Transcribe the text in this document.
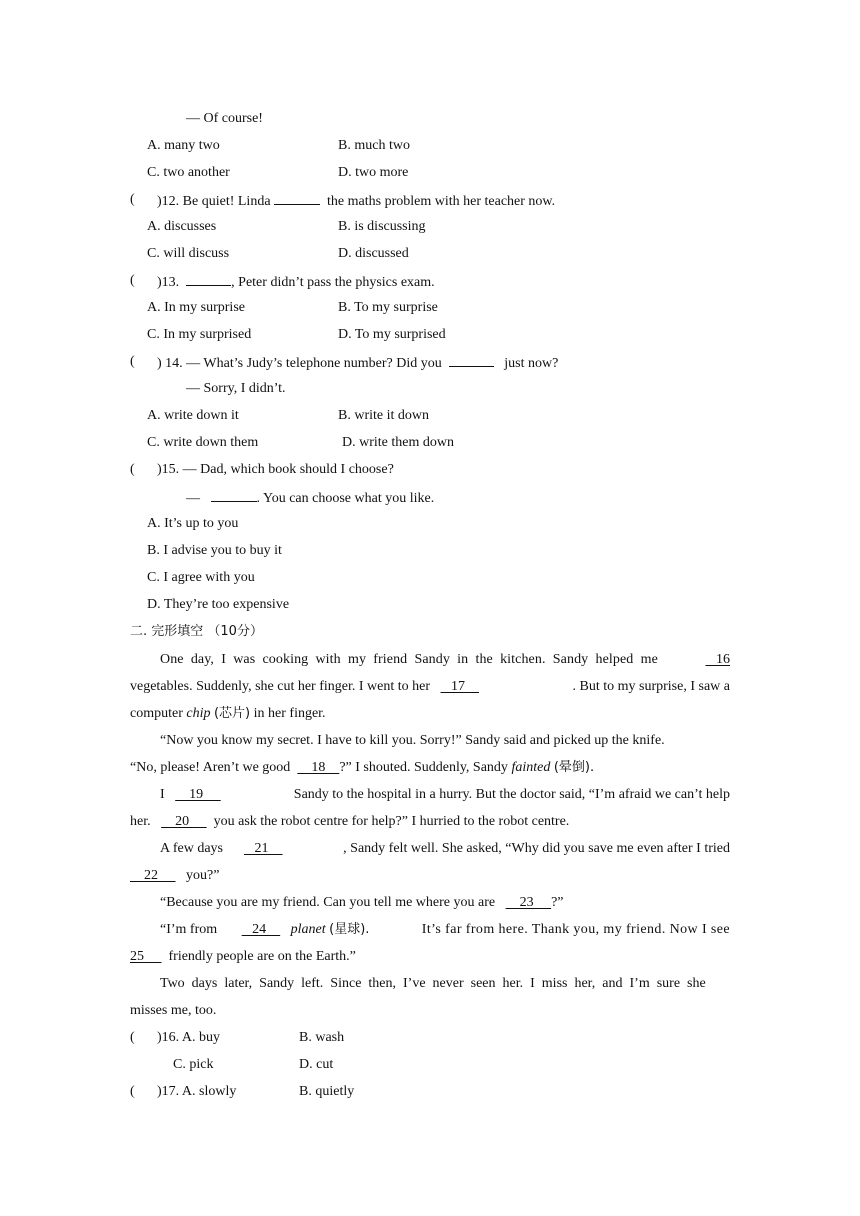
— Of course!
A. many two	B. much two
C. two another	D. two more
( )12. Be quiet! Linda	the maths problem with her teacher now.
A. discusses	B. is discussing
C. will discuss	D. discussed
( )13.	, Peter didn’t pass the physics exam.
A. In my surprise	B. To my surprise
C. In my surprised	D. To my surprised
( ) 14. — What’s Judy’s telephone number? Did you	just now?
— Sorry, I didn’t.
A. write down it	B. write it down
C. write down them	D. write them down
( )15. — Dad, which book should I choose?
—	. You can choose what you like.
A. It’s up to you
B. I advise you to buy it
C. I agree with you
D. They’re too expensive
二. 完形填空 （10分）
One  day,  I  was  cooking  with  my  friend  Sandy  in  the  kitchen.  Sandy  helped  me	16
vegetables. Suddenly, she cut her finger. I went to her      17	. But to my surprise, I saw a
computer chip (芯片) in her finger.
“Now you know my secret. I have to kill you. Sorry!” Sandy said and picked up the knife.
“No, please! Aren’t we good      18    ?” I shouted. Suddenly, Sandy fainted (晕倒).
I       19	Sandy to the hospital in a hurry. But the doctor said, “I’m afraid we can’t help
her.       20       you ask the robot centre for help?” I hurried to the robot centre.
A few days         21	, Sandy felt well. She asked, “Why did you save me even after I tried
22        you?”
“Because you are my friend. Can you tell me where you are       23     ?”
“I’m from          24       planet (星球).	It’s far from here. Thank you, my friend. Now I see
25       friendly people are on the Earth.”
Two  days  later,  Sandy  left.  Since  then,  I’ve  never  seen  her.  I  miss  her,  and  I’m  sure  she
misses me, too.
( )16. A. buy	B. wash
C. pick	D. cut
( )17. A. slowly	B. quietly
